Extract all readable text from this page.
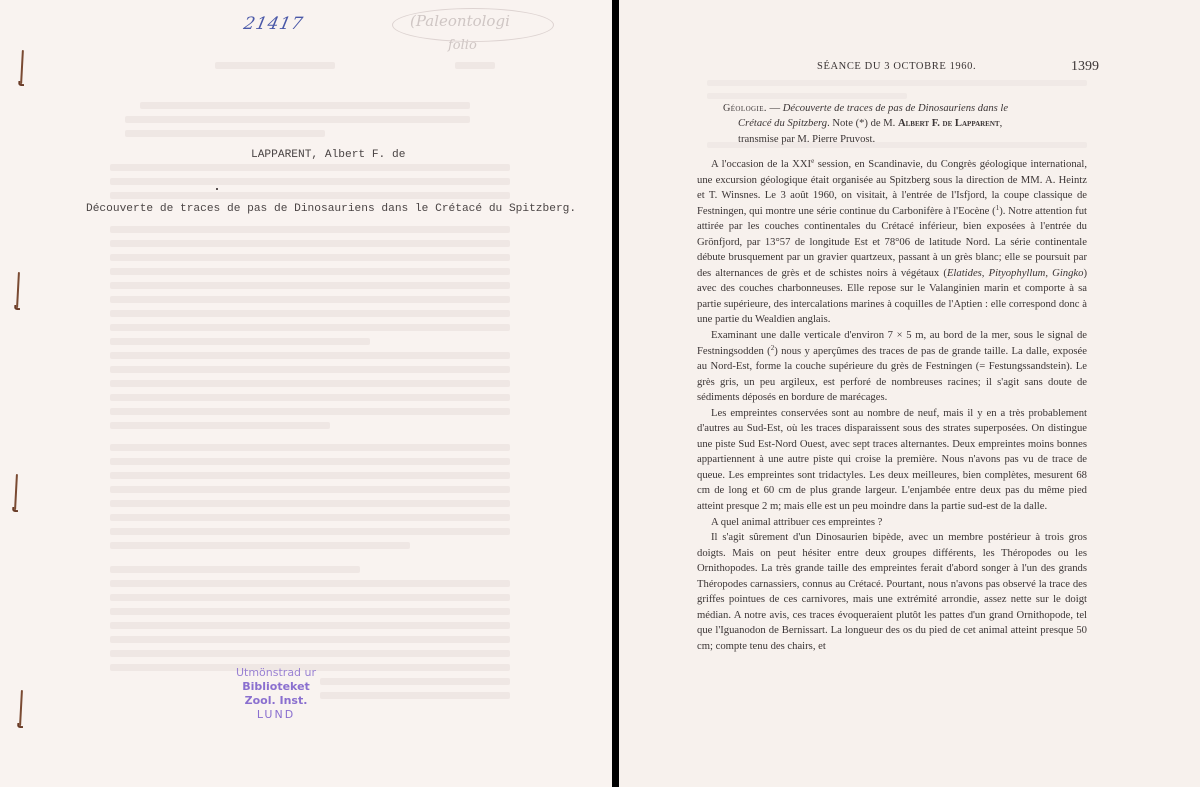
21417	(Paleontologi
folio
LAPPARENT, Albert F. de
Découverte de traces de pas de Dinosauriens dans le Crétacé du Spitzberg.
Utmönstrad ur
Biblioteket
Zool. Inst.
LUND
SÉANCE DU 3 OCTOBRE 1960.	1399
Géologie. — Découverte de traces de pas de Dinosauriens dans le
Crétacé du Spitzberg. Note (*) de M. Albert F. de Lapparent,
transmise par M. Pierre Pruvost.

A l'occasion de la XXIe session, en Scandinavie, du Congrès géologique international, une excursion géologique était organisée au Spitzberg sous la direction de MM. A. Heintz et T. Winsnes. Le 3 août 1960, on visitait, à l'entrée de l'Isfjord, la coupe classique de Festningen, qui montre une série continue du Carbonifère à l'Eocène ($^1$). Notre attention fut attirée par les couches continentales du Crétacé inférieur, bien exposées à l'entrée du Grönfjord, par 13°57 de longitude Est et 78°06 de latitude Nord. La série continentale débute brusquement par un gravier quartzeux, passant à un grès blanc; elle se poursuit par des alternances de grès et de schistes noirs à végétaux (Elatides, Pityophyllum, Gingko) avec des couches charbonneuses. Elle repose sur le Valanginien marin et comporte à sa partie supérieure, des intercalations marines à coquilles de l'Aptien : elle correspond donc à une partie du Wealdien anglais.

Examinant une dalle verticale d'environ 7 × 5 m, au bord de la mer, sous le signal de Festningsodden ($^2$) nous y aperçûmes des traces de pas de grande taille. La dalle, exposée au Nord-Est, forme la couche supérieure du grès de Festningen (= Festungssandstein). Le grès gris, un peu argileux, est perforé de nombreuses racines; il s'agit sans doute de sédiments déposés en bordure de marécages.

Les empreintes conservées sont au nombre de neuf, mais il y en a très probablement d'autres au Sud-Est, où les traces disparaissent sous des strates superposées. On distingue une piste Sud Est-Nord Ouest, avec sept traces alternantes. Deux empreintes moins bonnes appartiennent à une autre piste qui croise la première. Nous n'avons pas vu de trace de queue. Les empreintes sont tridactyles. Les deux meilleures, bien complètes, mesurent 68 cm de long et 60 cm de plus grande largeur. L'enjambée entre deux pas du même pied atteint presque 2 m; mais elle est un peu moindre dans la partie sud-est de la dalle.

A quel animal attribuer ces empreintes ?

Il s'agit sûrement d'un Dinosaurien bipède, avec un membre postérieur à trois gros doigts. Mais on peut hésiter entre deux groupes différents, les Théropodes ou les Ornithopodes. La très grande taille des empreintes ferait d'abord songer à l'un des grands Théropodes carnassiers, connus au Crétacé. Pourtant, nous n'avons pas observé la trace des griffes pointues de ces carnivores, mais une extrémité arrondie, assez nette sur le doigt médian. A notre avis, ces traces évoqueraient plutôt les pattes d'un grand Ornithopode, tel que l'Iguanodon de Bernissart. La longueur des os du pied de cet animal atteint presque 50 cm; compte tenu des chairs, et
